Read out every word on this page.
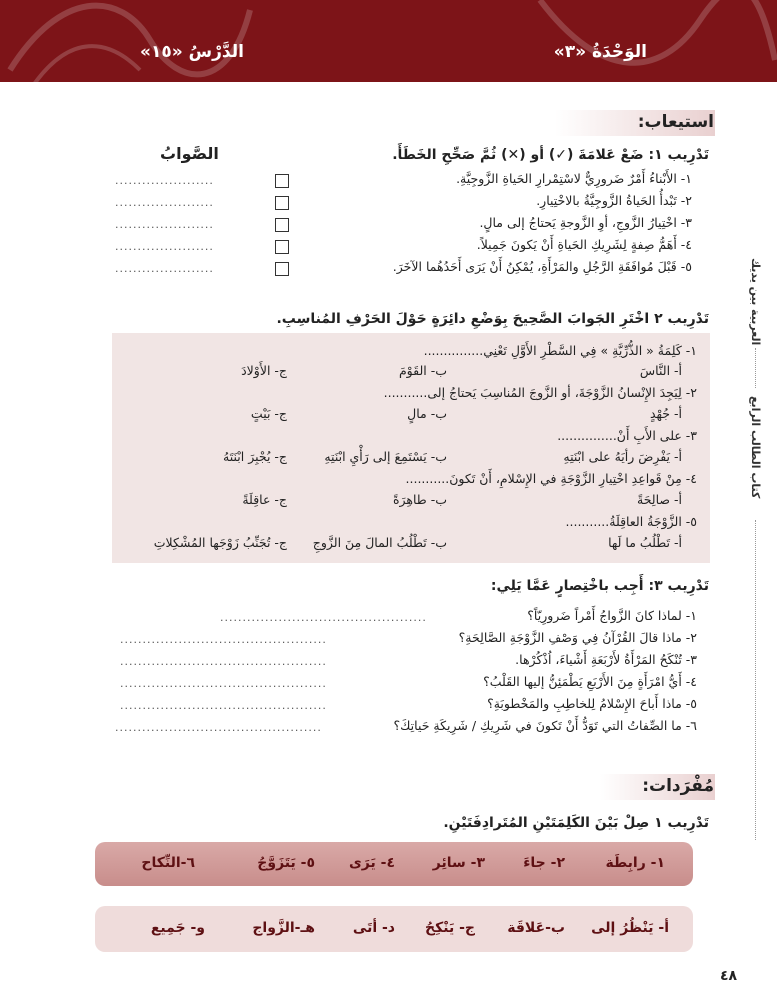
الوَحْدَةُ «٣»
الدَّرْسُ «١٥»
العربية بين يديك
كتاب الطالب الرابع
استيعاب:
تَدْرِيب ١: ضَعْ عَلامَةَ (✓) أو (✕) ثُمَّ صَحِّحِ الخَطَأَ.
الصَّوابُ
١- الأَبْناءُ أَمْرٌ ضَرورِيٌّ لاسْتِمْرارِ الحَياةِ الزَّوجِيَّةِ.
٢- تَبْدأُ الحَياةُ الزَّوجِيَّةُ بالاخْتِيارِ.
٣- اخْتِيارُ الزَّوجِ، أوِ الزَّوجةِ يَحتاجُ إلى مالٍ.
٤- أَهَمُّ صِفةٍ لِشَرِيكِ الحَياةِ أَنْ يَكونَ جَمِيلاً.
٥- قَبْلَ مُوافَقَةِ الرَّجُلِ والمَرْأَةِ، يُمْكِنُ أَنْ يَرَى أَحَدُهُما الآخَرَ.
......................
......................
......................
......................
......................
تَدْرِيب ٢ اخْتَرِ الجَوابَ الصَّحِيحَ بِوَضْعِ دائِرَةٍ حَوْلَ الحَرْفِ المُناسِبِ.
١- كَلِمَةُ « الذُّرِّيَّةِ » فِي السَّطْرِ الأَوَّلِ تَعْنِي...............
أ- النَّاسَ
ب- القَوْمَ
ج- الأَوْلادَ
٢- لِيَجِدَ الإِنْسانُ الزَّوْجَةَ، أو الزَّوجَ المُناسِبَ يَحتاجُ إلى...........
أ- جُهْدٍ
ب- مالٍ
ج- بَيْتٍ
٣- على الأَبِ أَنْ...............
أ- يَفْرِضَ رأيَهُ على ابْنَتِهِ
ب- يَسْتَمِعَ إلى رَأْيِ ابْنَتِهِ
ج- يُجْبِرَ ابْنَتَهُ
٤- مِنْ قَواعِدِ اخْتِيارِ الزَّوْجَةِ في الإِسْلامِ، أَنْ تَكونَ...........
أ- صالِحَةً
ب- طاهِرَةً
ج- عاقِلَةً
٥- الزَّوْجَةُ العاقِلَةُ...........
أ- تَطْلُبُ ما لَها
ب- تَطْلُبُ المالَ مِنَ الزَّوجِ
ج- تُجَنِّبُ زَوْجَها المُشْكِلاتِ
تَدْرِيب ٣: أَجِب باخْتِصارٍ عَمَّا يَلِي:
١- لماذا كانَ الزَّواجُ أَمْراً ضَرورِيّاً؟
٢- ماذا قالَ القُرْآنُ فِي وَصْفِ الزَّوْجَةِ الصَّالِحَةِ؟
٣- تُنْكَحُ المَرْأَةُ لأَرْبَعَةِ أَشْياءَ، اُذْكُرْها.
٤- أَيُّ امْرَأَةٍ مِنَ الأَرْبَعِ يَطْمَئِنُّ إليها القَلْبُ؟
٥- ماذا أَباحَ الإِسْلامُ لِلخاطِبِ والمَخْطوبَةِ؟
٦- ما الصِّفاتُ التي تَوَدُّ أَنْ تَكونَ في شَرِيكِ / شَرِيكَةِ حَياتِكَ؟
..............................................
..............................................
..............................................
..............................................
..............................................
..............................................
مُفْرَدات:
تَدْرِيب ١ صِلْ بَيْنَ الكَلِمَتَيْنِ المُتَرادِفَتَيْنِ.
١- رابِطَة
٢- جاءَ
٣- سائِر
٤- يَرَى
٥- يَتَزَوَّجُ
٦-النِّكاح
أ- يَنْظُرُ إلى
ب-عَلاقَة
ج- يَنْكِحُ
د- أتَى
هـ-الزَّواج
و- جَمِيع
٤٨
